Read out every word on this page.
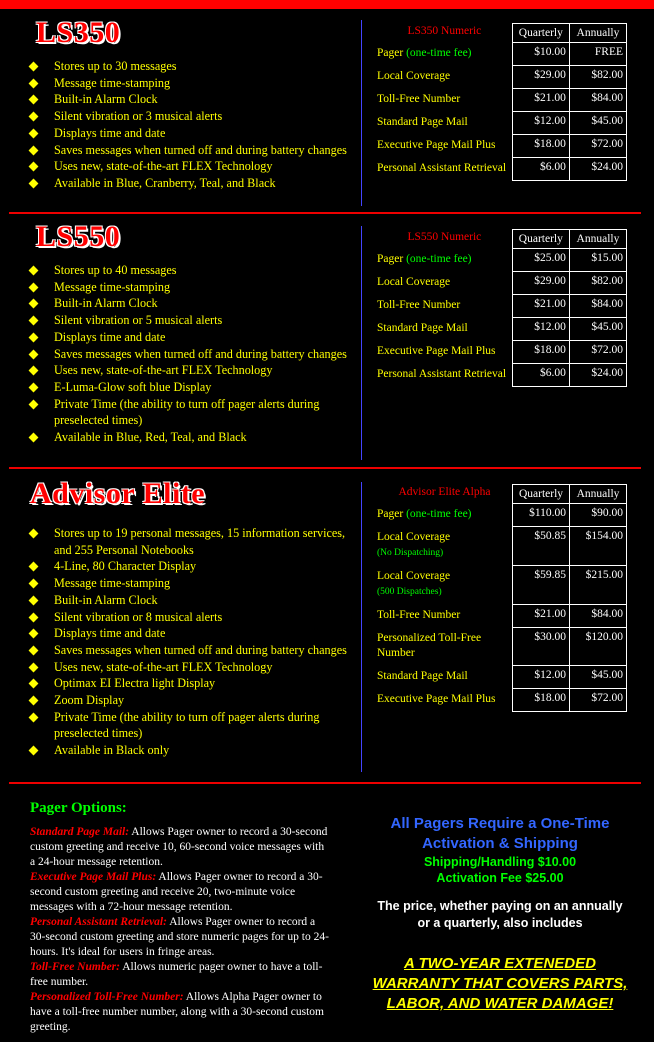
LS350
Stores up to 30 messages
Message time-stamping
Built-in Alarm Clock
Silent vibration or 3 musical alerts
Displays time and date
Saves messages when turned off and during battery changes
Uses new, state-of-the-art FLEX Technology
Available in Blue, Cranberry, Teal, and Black
LS350 Numeric	Quarterly	Annually
Pager (one-time fee)	$10.00	FREE
Local Coverage	$29.00	$82.00
Toll-Free Number	$21.00	$84.00
Standard Page Mail	$12.00	$45.00
Executive Page Mail Plus	$18.00	$72.00
Personal Assistant Retrieval	$6.00	$24.00
LS550
Stores up to 40 messages
Message time-stamping
Built-in Alarm Clock
Silent vibration or 5 musical alerts
Displays time and date
Saves messages when turned off and during battery changes
Uses new, state-of-the-art FLEX Technology
E-Luma-Glow soft blue Display
Private Time (the ability to turn off pager alerts during preselected times)
Available in Blue, Red, Teal, and Black
LS550 Numeric	Quarterly	Annually
Pager (one-time fee)	$25.00	$15.00
Local Coverage	$29.00	$82.00
Toll-Free Number	$21.00	$84.00
Standard Page Mail	$12.00	$45.00
Executive Page Mail Plus	$18.00	$72.00
Personal Assistant Retrieval	$6.00	$24.00
Advisor Elite
Stores up to 19 personal messages, 15 information services, and 255 Personal Notebooks
4-Line, 80 Character Display
Message time-stamping
Built-in Alarm Clock
Silent vibration or 8 musical alerts
Displays time and date
Saves messages when turned off and during battery changes
Uses new, state-of-the-art FLEX Technology
Optimax EI Electra light Display
Zoom Display
Private Time (the ability to turn off pager alerts during preselected times)
Available in Black only
Advisor Elite Alpha	Quarterly	Annually
Pager (one-time fee)	$110.00	$90.00
Local Coverage
(No Dispatching)	$50.85	$154.00
Local Coverage
(500 Dispatches)	$59.85	$215.00
Toll-Free Number	$21.00	$84.00
Personalized Toll-Free Number	$30.00	$120.00
Standard Page Mail	$12.00	$45.00
Executive Page Mail Plus	$18.00	$72.00
Pager Options:

Standard Page Mail: Allows Pager owner to record a 30-second custom greeting and receive 10, 60-second voice messages with a 24-hour message retention.

Executive Page Mail Plus: Allows Pager owner to record a 30-second custom greeting and receive 20, two-minute voice messages with a 72-hour message retention.

Personal Assistant Retrieval: Allows Pager owner to record a 30-second custom greeting and store numeric pages for up to 24-hours. It's ideal for users in fringe areas.

Toll-Free Number: Allows numeric pager owner to have a toll-free number.

Personalized Toll-Free Number: Allows Alpha Pager owner to have a toll-free number number, along with a 30-second custom greeting.

All Pagers Require a One-Time
Activation & Shipping
Shipping/Handling $10.00
Activation Fee $25.00
The price, whether paying on an annually or a quarterly, also includes
A TWO-YEAR EXTENEDED WARRANTY THAT COVERS PARTS, LABOR, AND WATER DAMAGE!
